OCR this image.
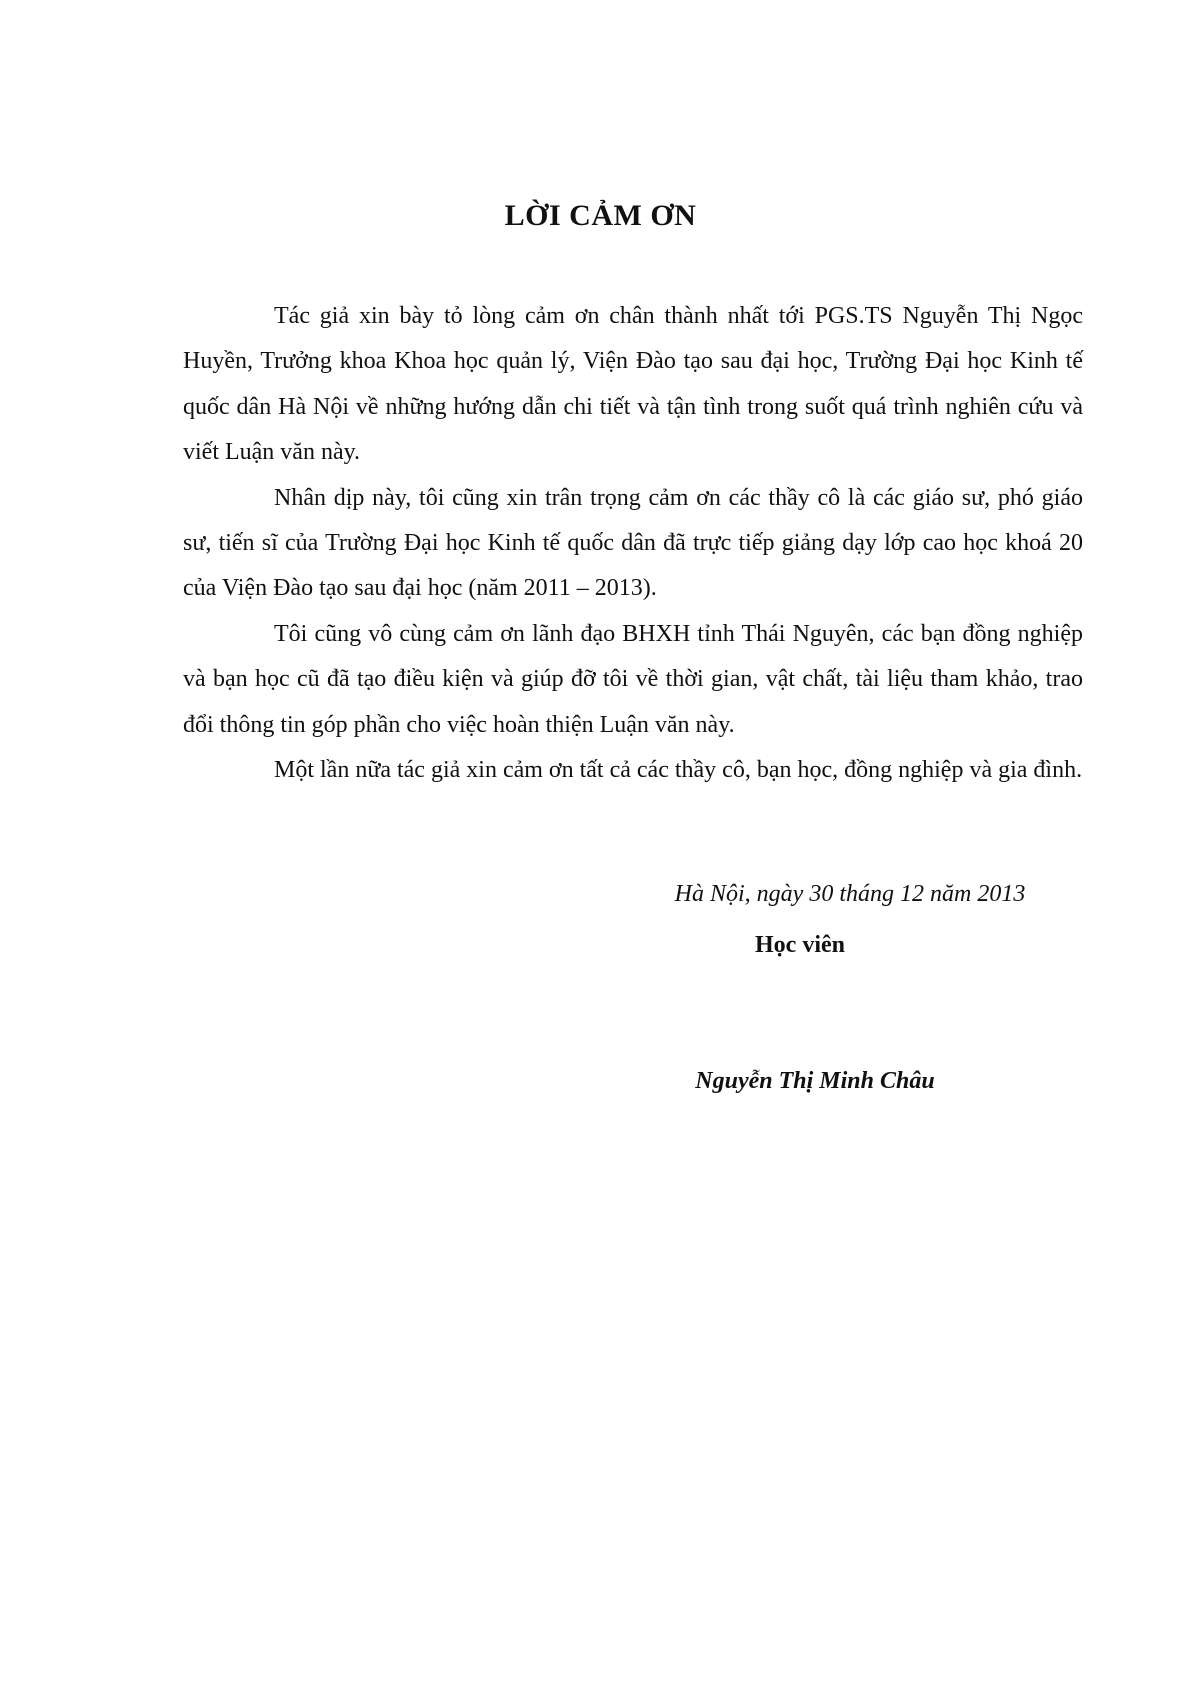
LỜI CẢM ƠN

Tác giả xin bày tỏ lòng cảm ơn chân thành nhất tới PGS.TS Nguyễn Thị Ngọc Huyền, Trưởng khoa Khoa học quản lý, Viện Đào tạo sau đại học, Trường Đại học Kinh tế quốc dân Hà Nội về những hướng dẫn chi tiết và tận tình trong suốt quá trình nghiên cứu và viết Luận văn này.

Nhân dịp này, tôi cũng xin trân trọng cảm ơn các thầy cô là các giáo sư, phó giáo sư, tiến sĩ của Trường Đại học Kinh tế quốc dân đã trực tiếp giảng dạy lớp cao học khoá 20 của Viện Đào tạo sau đại học (năm 2011 – 2013).

Tôi cũng vô cùng cảm ơn lãnh đạo BHXH tỉnh Thái Nguyên, các bạn đồng nghiệp và bạn học cũ đã tạo điều kiện và giúp đỡ tôi về thời gian, vật chất, tài liệu tham khảo, trao đổi thông tin góp phần cho việc hoàn thiện Luận văn này.

Một lần nữa tác giả xin cảm ơn tất cả các thầy cô, bạn học, đồng nghiệp và gia đình.

Hà Nội, ngày 30 tháng 12 năm 2013
Học viên
Nguyễn Thị Minh Châu
